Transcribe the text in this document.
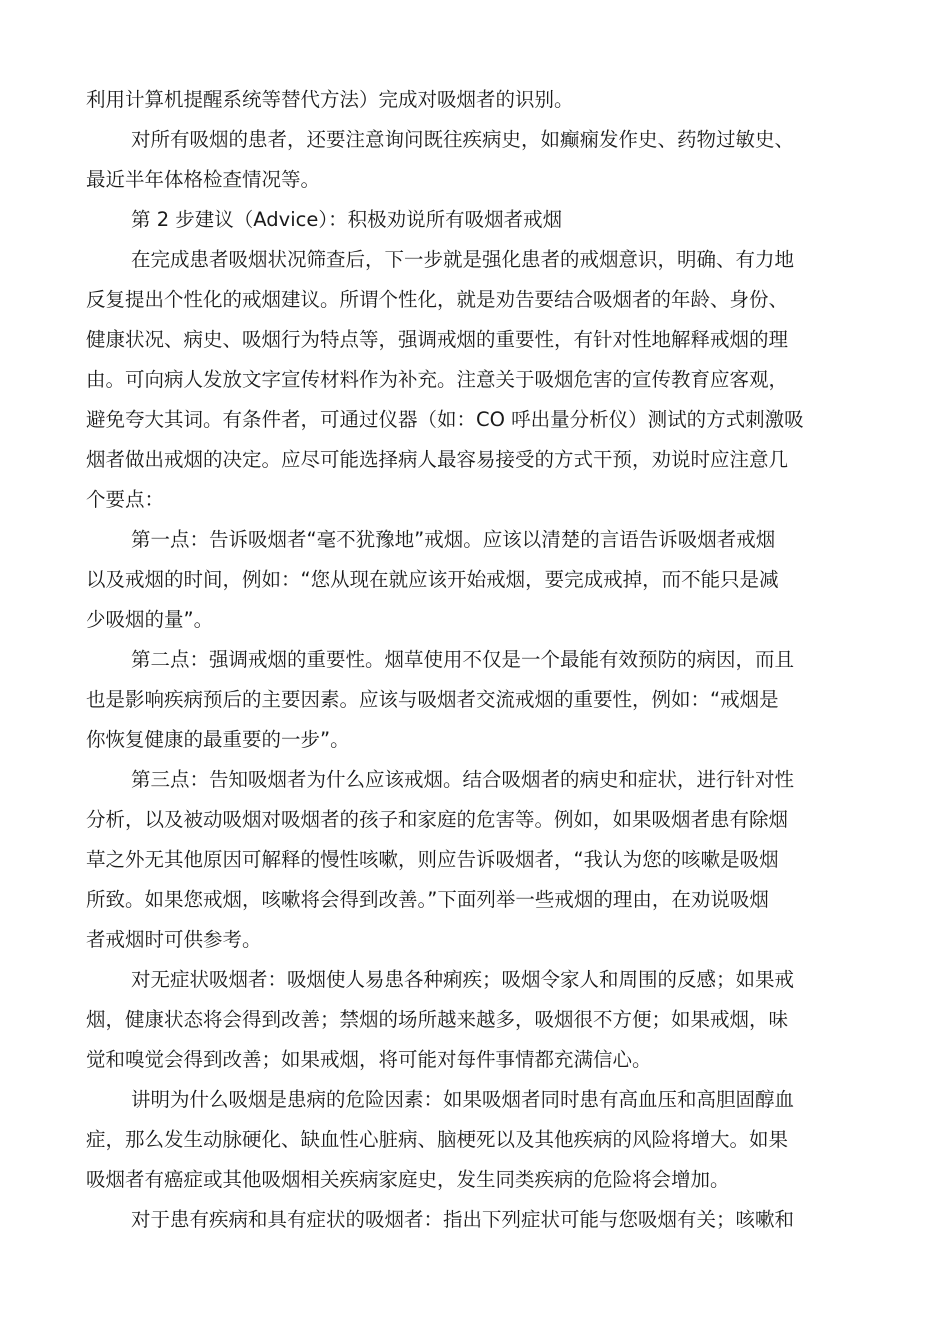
利用计算机提醒系统等替代方法）完成对吸烟者的识别。
对所有吸烟的患者，还要注意询问既往疾病史，如癫痫发作史、药物过敏史、
最近半年体格检查情况等。
第 2 步建议（Advice）：积极劝说所有吸烟者戒烟
在完成患者吸烟状况筛查后，下一步就是强化患者的戒烟意识，明确、有力地
反复提出个性化的戒烟建议。所谓个性化，就是劝告要结合吸烟者的年龄、身份、
健康状况、病史、吸烟行为特点等，强调戒烟的重要性，有针对性地解释戒烟的理
由。可向病人发放文字宣传材料作为补充。注意关于吸烟危害的宣传教育应客观，
避免夸大其词。有条件者，可通过仪器（如：CO 呼出量分析仪）测试的方式刺激吸
烟者做出戒烟的决定。应尽可能选择病人最容易接受的方式干预，劝说时应注意几
个要点：
第一点：告诉吸烟者“毫不犹豫地”戒烟。应该以清楚的言语告诉吸烟者戒烟
以及戒烟的时间，例如：“您从现在就应该开始戒烟，要完成戒掉，而不能只是减
少吸烟的量”。
第二点：强调戒烟的重要性。烟草使用不仅是一个最能有效预防的病因，而且
也是影响疾病预后的主要因素。应该与吸烟者交流戒烟的重要性，例如：“戒烟是
你恢复健康的最重要的一步”。
第三点：告知吸烟者为什么应该戒烟。结合吸烟者的病史和症状，进行针对性
分析，以及被动吸烟对吸烟者的孩子和家庭的危害等。例如，如果吸烟者患有除烟
草之外无其他原因可解释的慢性咳嗽，则应告诉吸烟者，“我认为您的咳嗽是吸烟
所致。如果您戒烟，咳嗽将会得到改善。”下面列举一些戒烟的理由，在劝说吸烟
者戒烟时可供参考。
对无症状吸烟者：吸烟使人易患各种痢疾；吸烟令家人和周围的反感；如果戒
烟，健康状态将会得到改善；禁烟的场所越来越多，吸烟很不方便；如果戒烟，味
觉和嗅觉会得到改善；如果戒烟，将可能对每件事情都充满信心。
讲明为什么吸烟是患病的危险因素：如果吸烟者同时患有高血压和高胆固醇血
症，那么发生动脉硬化、缺血性心脏病、脑梗死以及其他疾病的风险将增大。如果
吸烟者有癌症或其他吸烟相关疾病家庭史，发生同类疾病的危险将会增加。
对于患有疾病和具有症状的吸烟者：指出下列症状可能与您吸烟有关；咳嗽和
